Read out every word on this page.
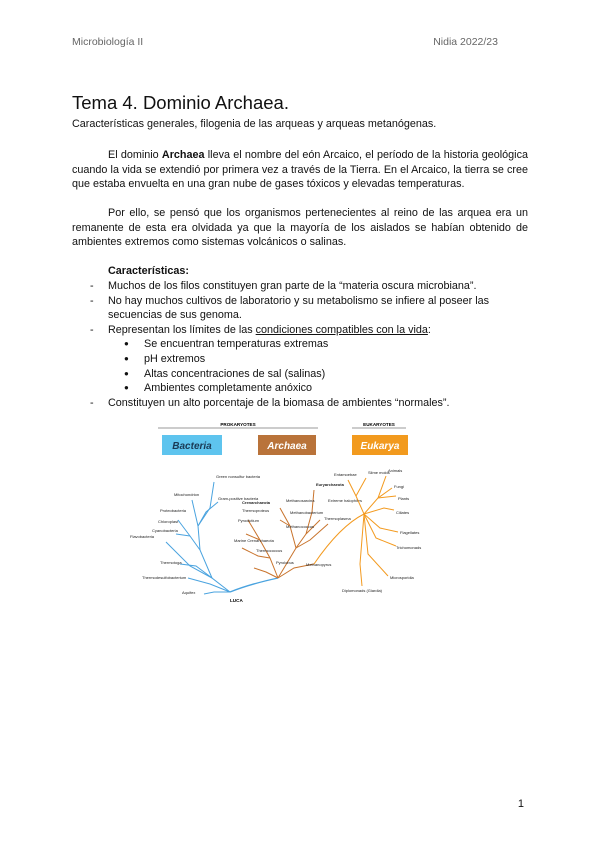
Microbiología II	Nidia 2022/23
Tema 4. Dominio Archaea.

Características generales, filogenia de las arqueas y arqueas metanógenas.

El dominio Archaea lleva el nombre del eón Arcaico, el período de la historia geológica cuando la vida se extendió por primera vez a través de la Tierra. En el Arcaico, la tierra se cree que estaba envuelta en una gran nube de gases tóxicos y elevadas temperaturas.

Por ello, se pensó que los organismos pertenecientes al reino de las arquea era un remanente de esta era olvidada ya que la mayoría de los aislados se habían obtenido de ambientes extremos como sistemas volcánicos o salinas.

Características:

- Muchos de los filos constituyen gran parte de la “materia oscura microbiana”.
- No hay muchos cultivos de laboratorio y su metabolismo se infiere al poseer las secuencias de sus genoma.
- Representan los límites de las condiciones compatibles con la vida:
● Se encuentran temperaturas extremas
● pH extremos
● Altas concentraciones de sal (salinas)
● Ambientes completamente anóxico
- Constituyen un alto porcentaje de la biomasa de ambientes “normales”.
PROKARYOTES	EUKARYOTES
Bacteria	Archaea	Eukarya
LUCA
Green nonsulfur bacteria
Mitochondrion
Gram-positive bacteria
Proteobacteria
Chloroplast
Cyanobacteria
Flavobacteria
Thermotoga
Thermodesulfobacterium
Aquifex
Crenarchaeota
Euryarchaeota
Methanosarcina
Methanobacterium
Thermoproteus
Pyrodictium
Methanococcus
Marine Crenarchaeota
Thermococcus
Pyrolobus	Methanopyrus
Thermoplasma
Extreme halophiles
Entamoebae	Slime molds
Animals
Fungi
Plants
Ciliates
Flagellates
Trichomonads
Microsporidia
Diplomonads (Giardia)
1
